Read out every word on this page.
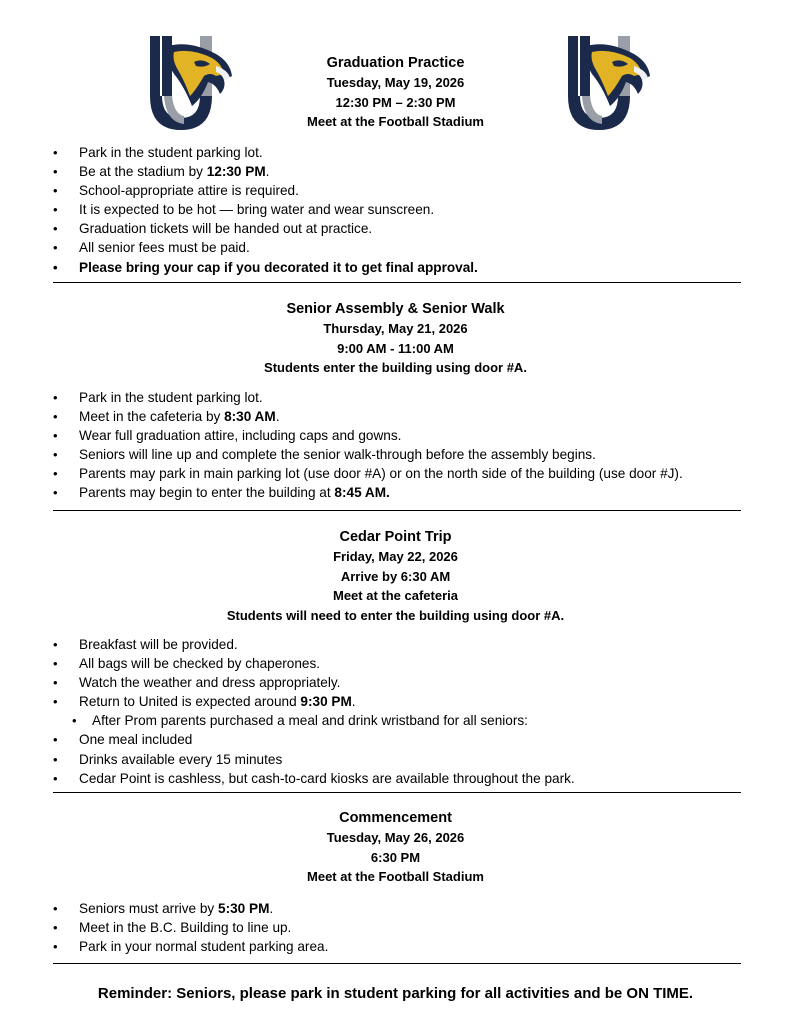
Graduation Practice
Tuesday, May 19, 2026
12:30 PM – 2:30 PM
Meet at the Football Stadium
• Park in the student parking lot.
• Be at the stadium by 12:30 PM.
• School-appropriate attire is required.
• It is expected to be hot — bring water and wear sunscreen.
• Graduation tickets will be handed out at practice.
• All senior fees must be paid.
• Please bring your cap if you decorated it to get final approval.
Senior Assembly & Senior Walk
Thursday, May 21, 2026
9:00 AM - 11:00 AM
Students enter the building using door #A.
• Park in the student parking lot.
• Meet in the cafeteria by 8:30 AM.
• Wear full graduation attire, including caps and gowns.
• Seniors will line up and complete the senior walk-through before the assembly begins.
• Parents may park in main parking lot (use door #A) or on the north side of the building (use door #J).
• Parents may begin to enter the building at 8:45 AM.
Cedar Point Trip
Friday, May 22, 2026
Arrive by 6:30 AM
Meet at the cafeteria
Students will need to enter the building using door #A.
• Breakfast will be provided.
• All bags will be checked by chaperones.
• Watch the weather and dress appropriately.
• Return to United is expected around 9:30 PM.
• After Prom parents purchased a meal and drink wristband for all seniors:
• One meal included
• Drinks available every 15 minutes
• Cedar Point is cashless, but cash-to-card kiosks are available throughout the park.
Commencement
Tuesday, May 26, 2026
6:30 PM
Meet at the Football Stadium
• Seniors must arrive by 5:30 PM.
• Meet in the B.C. Building to line up.
• Park in your normal student parking area.
Reminder: Seniors, please park in student parking for all activities and be ON TIME.
